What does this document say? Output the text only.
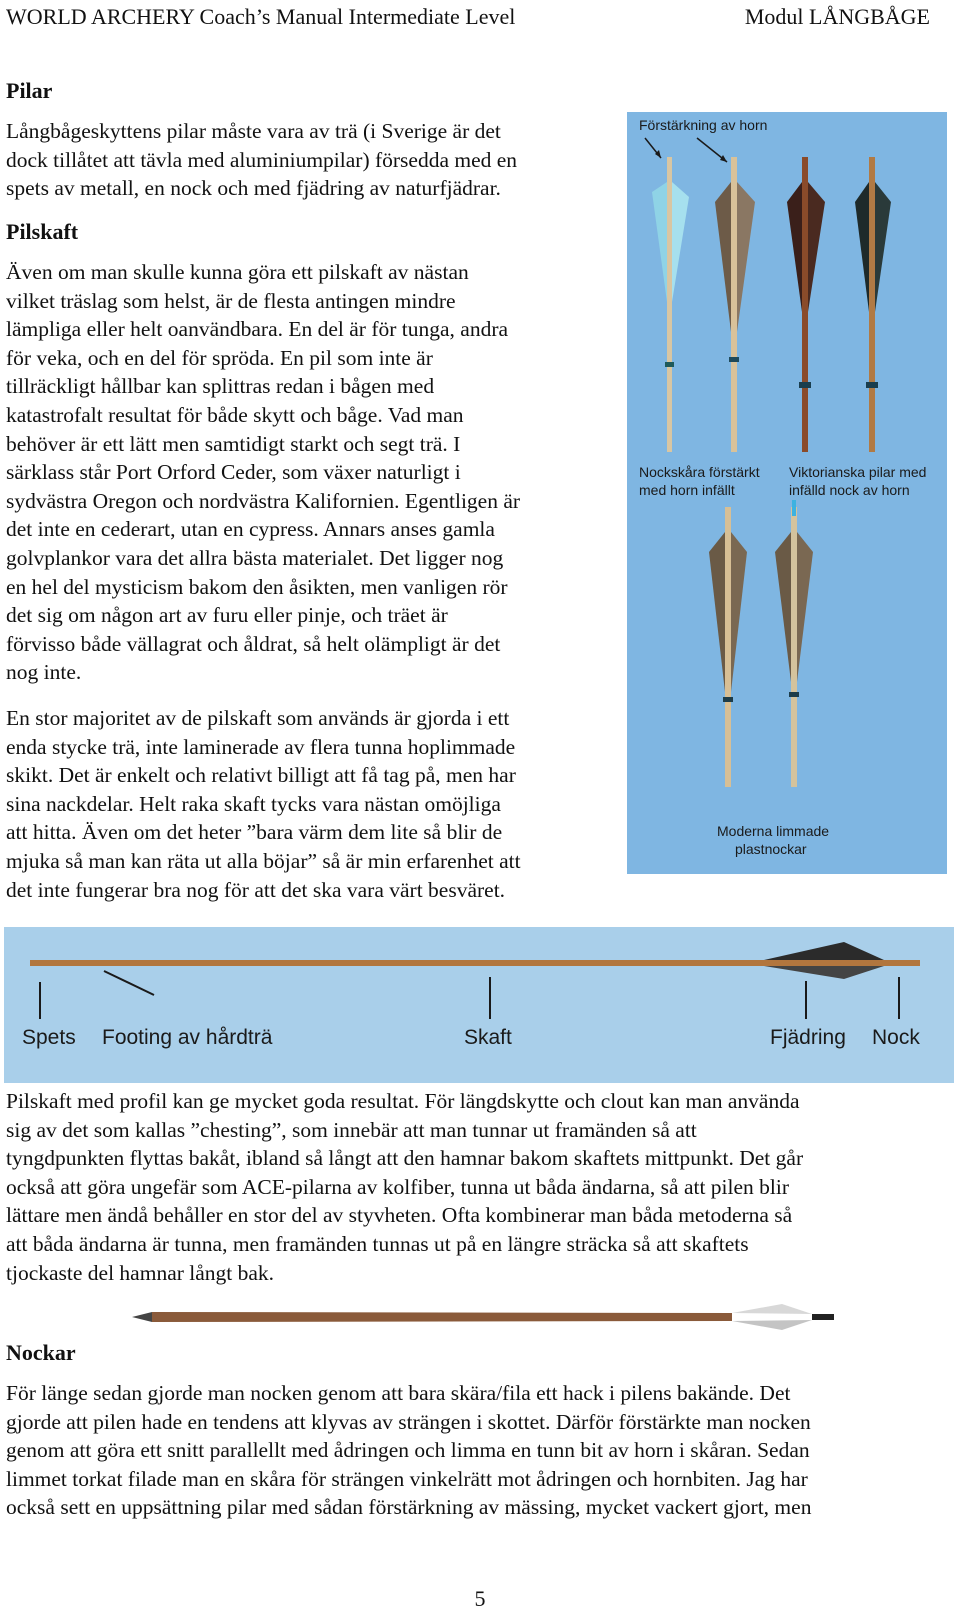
WORLD ARCHERY Coach’s Manual Intermediate Level	Modul LÅNGBÅGE
Pilar
Långbågeskyttens pilar måste vara av trä (i Sverige är det
dock tillåtet att tävla med aluminiumpilar) försedda med en
spets av metall, en nock och med fjädring av naturfjädrar.
Pilskaft
Även om man skulle kunna göra ett pilskaft av nästan
vilket träslag som helst, är de flesta antingen mindre
lämpliga eller helt oanvändbara. En del är för tunga, andra
för veka, och en del för spröda. En pil som inte är
tillräckligt hållbar kan splittras redan i bågen med
katastrofalt resultat för både skytt och båge. Vad man
behöver är ett lätt men samtidigt starkt och segt trä. I
särklass står Port Orford Ceder, som växer naturligt i
sydvästra Oregon och nordvästra Kalifornien. Egentligen är
det inte en cederart, utan en cypress. Annars anses gamla
golvplankor vara det allra bästa materialet. Det ligger nog
en hel del mysticism bakom den åsikten, men vanligen rör
det sig om någon art av furu eller pinje, och träet är
förvisso både vällagrat och åldrat, så helt olämpligt är det
nog inte.
En stor majoritet av de pilskaft som används är gjorda i ett
enda stycke trä, inte laminerade av flera tunna hoplimmade
skikt. Det är enkelt och relativt billigt att få tag på, men har
sina nackdelar. Helt raka skaft tycks vara nästan omöjliga
att hitta. Även om det heter ”bara värm dem lite så blir de
mjuka så man kan räta ut alla böjar” så är min erfarenhet att
det inte fungerar bra nog för att det ska vara värt besväret.
Förstärkning av horn
Nockskåra förstärkt
med horn infällt
Viktorianska pilar med
infälld nock av horn
Moderna limmade
plastnockar
Spets Footing av hårdträ	Skaft	Fjädring Nock
Pilskaft med profil kan ge mycket goda resultat. För längdskytte och clout kan man använda
sig av det som kallas ”chesting”, som innebär att man tunnar ut framänden så att
tyngdpunkten flyttas bakåt, ibland så långt att den hamnar bakom skaftets mittpunkt. Det går
också att göra ungefär som ACE-pilarna av kolfiber, tunna ut båda ändarna, så att pilen blir
lättare men ändå behåller en stor del av styvheten. Ofta kombinerar man båda metoderna så
att båda ändarna är tunna, men framänden tunnas ut på en längre sträcka så att skaftets
tjockaste del hamnar långt bak.
Nockar
För länge sedan gjorde man nocken genom att bara skära/fila ett hack i pilens bakände. Det
gjorde att pilen hade en tendens att klyvas av strängen i skottet. Därför förstärkte man nocken
genom att göra ett snitt parallellt med ådringen och limma en tunn bit av horn i skåran. Sedan
limmet torkat filade man en skåra för strängen vinkelrätt mot ådringen och hornbiten. Jag har
också sett en uppsättning pilar med sådan förstärkning av mässing, mycket vackert gjort, men
5
